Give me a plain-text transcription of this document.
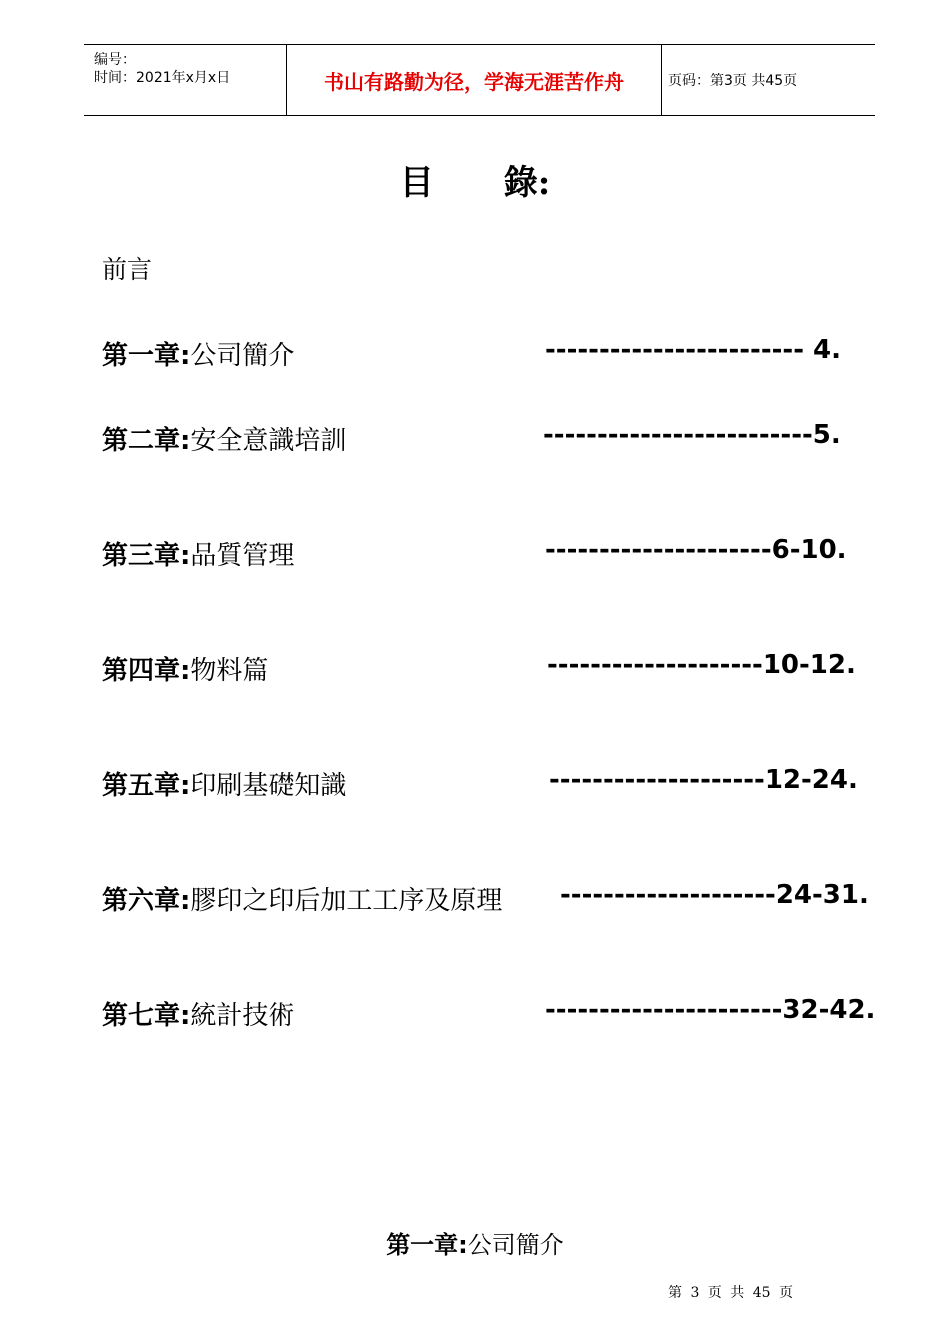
编号：
时间：2021年x月x日	书山有路勤为径，学海无涯苦作舟	页码：第3页 共45页
目 錄:
前言
第一章:公司簡介	------------------------ 4.
第二章:安全意識培訓	-------------------------5.
第三章:品質管理	---------------------6-10.
第四章:物料篇	--------------------10-12.
第五章:印刷基礎知識	--------------------12-24.
第六章:膠印之印后加工工序及原理 --------------------24-31.
第七章:統計技術	----------------------32-42.
第一章:公司簡介
第 3 页 共 45 页
